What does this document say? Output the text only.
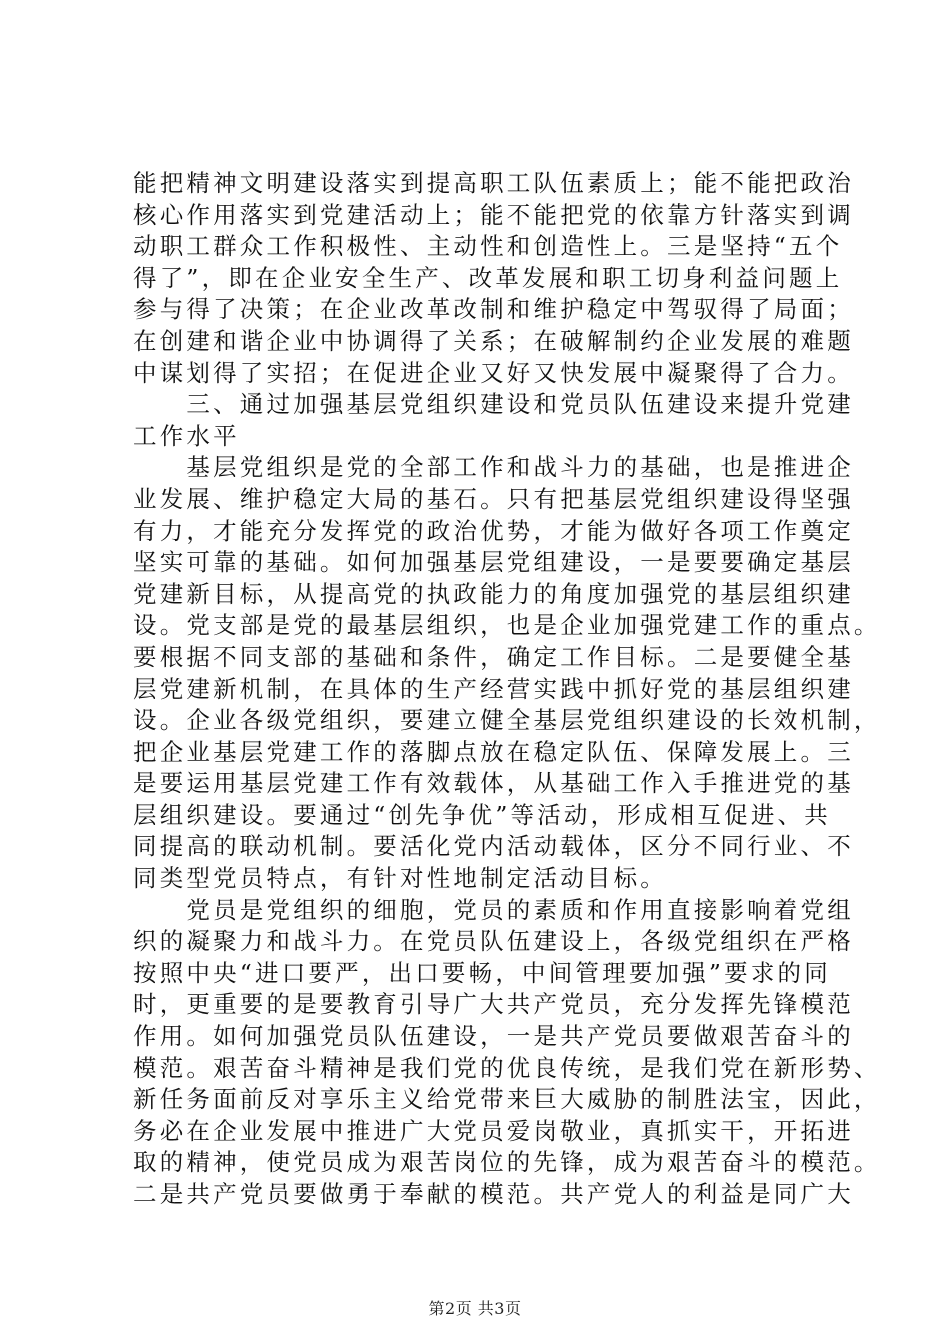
能把精神文明建设落实到提高职工队伍素质上；能不能把政治
核心作用落实到党建活动上；能不能把党的依靠方针落实到调
动职工群众工作积极性、主动性和创造性上。三是坚持“五个
得了”，即在企业安全生产、改革发展和职工切身利益问题上
参与得了决策；在企业改革改制和维护稳定中驾驭得了局面；
在创建和谐企业中协调得了关系；在破解制约企业发展的难题
中谋划得了实招；在促进企业又好又快发展中凝聚得了合力。
　　三、通过加强基层党组织建设和党员队伍建设来提升党建
工作水平
　　基层党组织是党的全部工作和战斗力的基础，也是推进企
业发展、维护稳定大局的基石。只有把基层党组织建设得坚强
有力，才能充分发挥党的政治优势，才能为做好各项工作奠定
坚实可靠的基础。如何加强基层党组建设，一是要要确定基层
党建新目标，从提高党的执政能力的角度加强党的基层组织建
设。党支部是党的最基层组织，也是企业加强党建工作的重点。
要根据不同支部的基础和条件，确定工作目标。二是要健全基
层党建新机制，在具体的生产经营实践中抓好党的基层组织建
设。企业各级党组织，要建立健全基层党组织建设的长效机制，
把企业基层党建工作的落脚点放在稳定队伍、保障发展上。三
是要运用基层党建工作有效载体，从基础工作入手推进党的基
层组织建设。要通过“创先争优”等活动，形成相互促进、共
同提高的联动机制。要活化党内活动载体，区分不同行业、不
同类型党员特点，有针对性地制定活动目标。
　　党员是党组织的细胞，党员的素质和作用直接影响着党组
织的凝聚力和战斗力。在党员队伍建设上，各级党组织在严格
按照中央“进口要严，出口要畅，中间管理要加强”要求的同
时，更重要的是要教育引导广大共产党员，充分发挥先锋模范
作用。如何加强党员队伍建设，一是共产党员要做艰苦奋斗的
模范。艰苦奋斗精神是我们党的优良传统，是我们党在新形势、
新任务面前反对享乐主义给党带来巨大威胁的制胜法宝，因此，
务必在企业发展中推进广大党员爱岗敬业，真抓实干，开拓进
取的精神，使党员成为艰苦岗位的先锋，成为艰苦奋斗的模范。
二是共产党员要做勇于奉献的模范。共产党人的利益是同广大
第2页 共3页
